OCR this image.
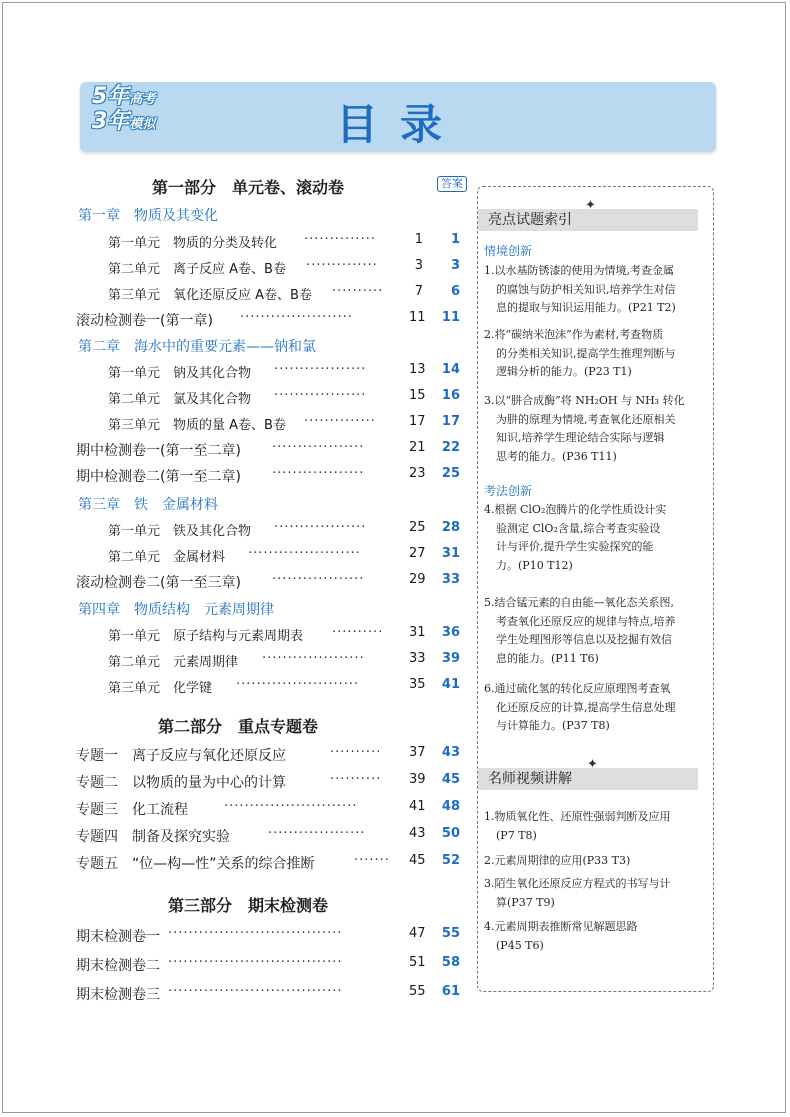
5年高考
3年模拟	目录
第一部分　单元卷、滚动卷	答案
第一章　物质及其变化
第一单元　物质的分类及转化 ··············	1	1
第二单元　离子反应 A卷、B卷 ··············	3	3
第三单元　氧化还原反应 A卷、B卷 ··········	7	6
滚动检测卷一(第一章) ······················	11 11
第二章　海水中的重要元素——钠和氯
第一单元　钠及其化合物 ··················	13 14
第二单元　氯及其化合物 ··················	15 16
第三单元　物质的量 A卷、B卷 ··············	17 17
期中检测卷一(第一至二章) ··················	21 22
期中检测卷二(第一至二章) ··················	23 25
第三章　铁　金属材料
第一单元　铁及其化合物 ··················	25 28
第二单元　金属材料 ······················	27 31
滚动检测卷二(第一至三章) ··················	29 33
第四章　物质结构　元素周期律
第一单元　原子结构与元素周期表 ··········	31 36
第二单元　元素周期律 ····················	33 39
第三单元　化学键 ························	35 41
第二部分　重点专题卷
专题一　离子反应与氧化还原反应	··········	37 43
专题二　以物质的量为中心的计算	··········	39 45
专题三　化工流程	··························	41 48
专题四　制备及探究实验	···················	43 50
专题五　“位—构—性”关系的综合推断	·······	45 52
第三部分　期末检测卷
期末检测卷一 ··································	47 55
期末检测卷二 ··································	51 58
期末检测卷三 ··································	55 61
亮点试题索引
✦
情境创新
1.以水基防锈漆的使用为情境,考查金属
的腐蚀与防护相关知识,培养学生对信
息的提取与知识运用能力。(P21 T2)
2.将“碳纳米泡沫”作为素材,考查物质
的分类相关知识,提高学生推理判断与
逻辑分析的能力。(P23 T1)
3.以“肼合成酶”将 NH₂OH 与 NH₃ 转化
为肼的原理为情境,考查氧化还原相关
知识,培养学生理论结合实际与逻辑
思考的能力。(P36 T11)
考法创新
4.根据 ClO₂泡腾片的化学性质设计实
验测定 ClO₂含量,综合考查实验设
计与评价,提升学生实验探究的能
力。(P10 T12)
5.结合锰元素的自由能—氧化态关系图,
考查氧化还原反应的规律与特点,培养
学生处理图形等信息以及挖掘有效信
息的能力。(P11 T6)
6.通过硫化氢的转化反应原理图考查氧
化还原反应的计算,提高学生信息处理
与计算能力。(P37 T8)
名师视频讲解
✦
1.物质氧化性、还原性强弱判断及应用
(P7 T8)
2.元素周期律的应用(P33 T3)
3.陌生氧化还原反应方程式的书写与计
算(P37 T9)
4.元素周期表推断常见解题思路
(P45 T6)
